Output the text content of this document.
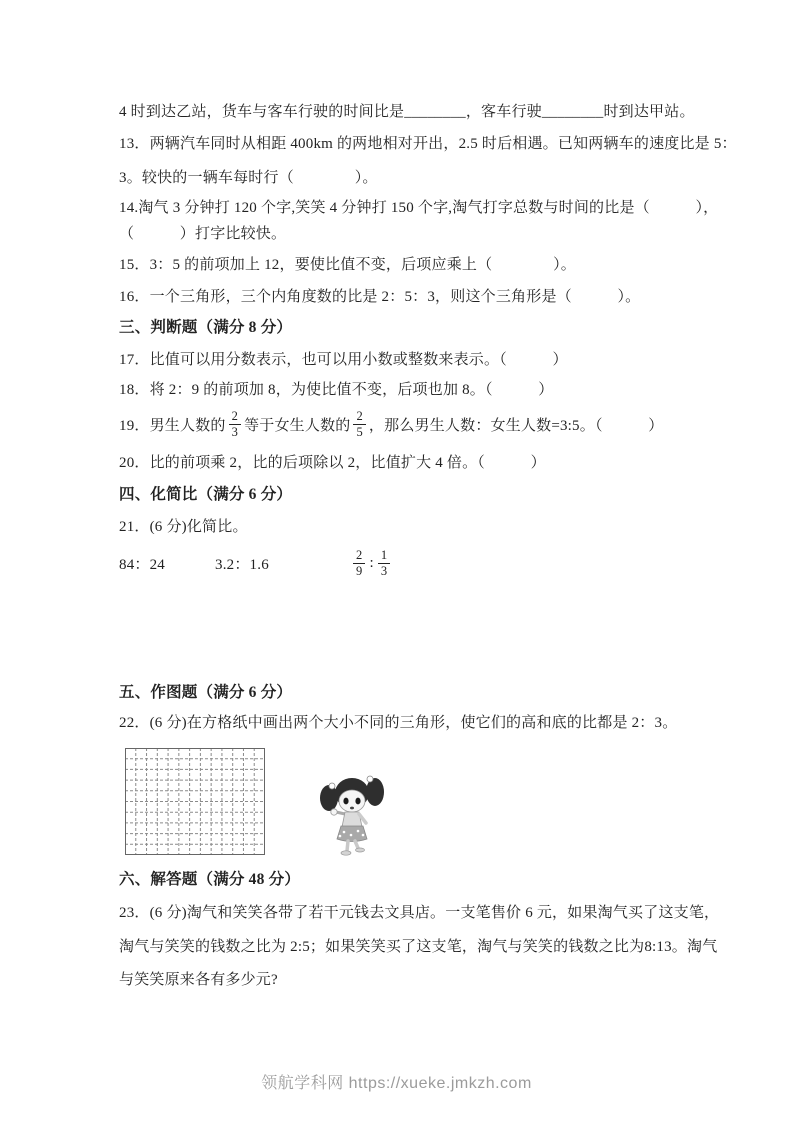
4 时到达乙站，货车与客车行驶的时间比是________，客车行驶________时到达甲站。
13．两辆汽车同时从相距 400km 的两地相对开出，2.5 时后相遇。已知两辆车的速度比是 5：
3。较快的一辆车每时行（　　　　）。
14.淘气 3 分钟打 120 个字,笑笑 4 分钟打 150 个字,淘气打字总数与时间的比是（　　　），
（　　　）打字比较快。
15．3：5 的前项加上 12，要使比值不变，后项应乘上（　　　　）。
16．一个三角形，三个内角度数的比是 2：5：3，则这个三角形是（　　　）。
三、判断题（满分 8 分）
17．比值可以用分数表示，也可以用小数或整数来表示。（　　　）
18．将 2：9 的前项加 8，为使比值不变，后项也加 8。（　　　）
19．男生人数的 $\frac{2}{3}$ 等于女生人数的 $\frac{2}{5}$ ，那么男生人数：女生人数=3:5。（　　　）
20．比的前项乘 2，比的后项除以 2，比值扩大 4 倍。（　　　）
四、化简比（满分 6 分）
21．(6 分)化简比。
84：24	3.2：1.6	$\frac{2}{9}$ : $\frac{1}{3}$
五、作图题（满分 6 分）
22．(6 分)在方格纸中画出两个大小不同的三角形，使它们的高和底的比都是 2：3。
六、解答题（满分 48 分）
23．(6 分)淘气和笑笑各带了若干元钱去文具店。一支笔售价 6 元，如果淘气买了这支笔，
淘气与笑笑的钱数之比为 2:5；如果笑笑买了这支笔，淘气与笑笑的钱数之比为8:13。淘气
与笑笑原来各有多少元?
领航学科网 https://xueke.jmkzh.com
